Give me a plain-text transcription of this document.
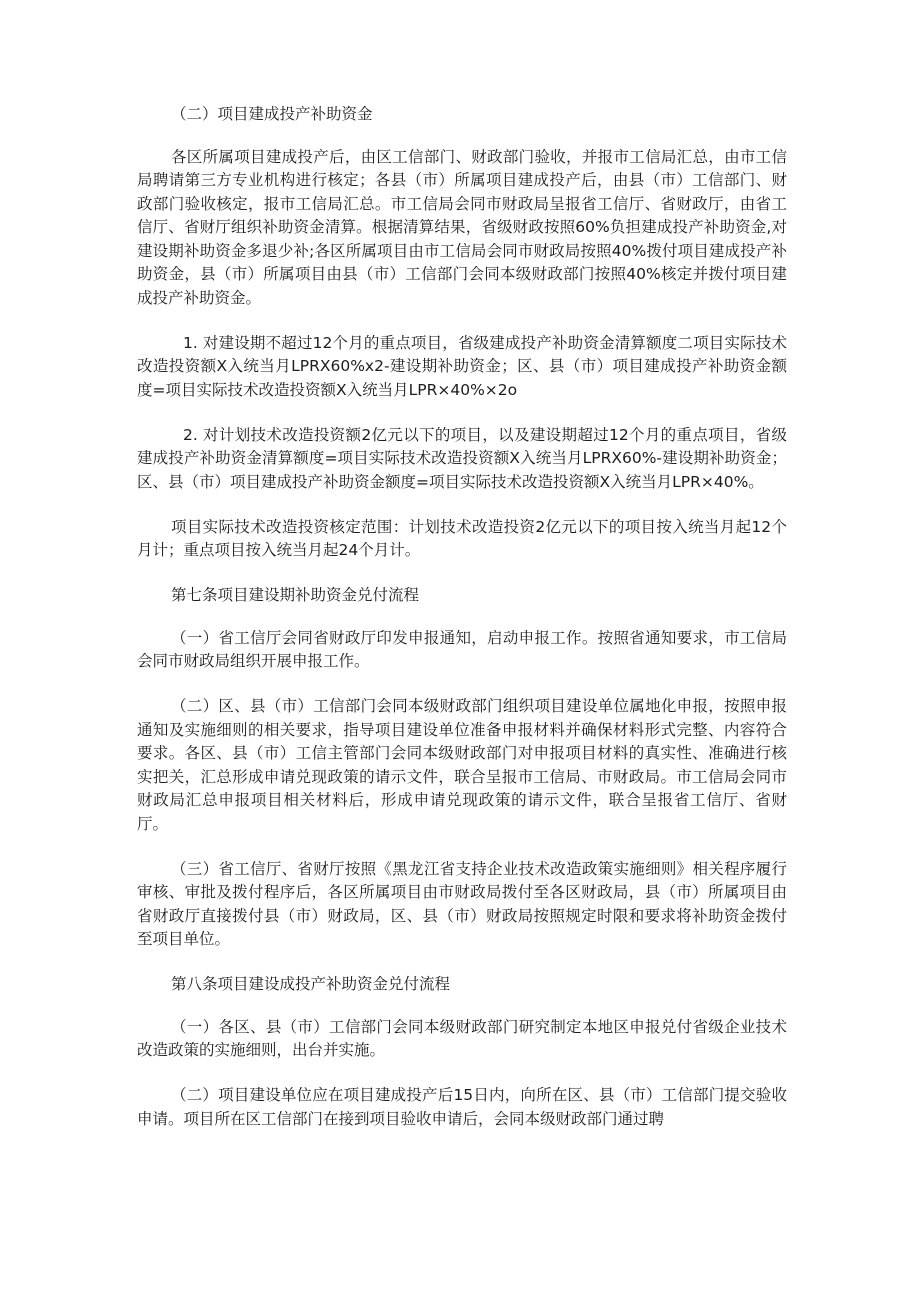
（二）项目建成投产补助资金

各区所属项目建成投产后，由区工信部门、财政部门验收，并报市工信局汇总，由市工信局聘请第三方专业机构进行核定；各县（市）所属项目建成投产后，由县（市）工信部门、财政部门验收核定，报市工信局汇总。市工信局会同市财政局呈报省工信厅、省财政厅，由省工信厅、省财厅组织补助资金清算。根据清算结果，省级财政按照60%负担建成投产补助资金,对建设期补助资金多退少补;各区所属项目由市工信局会同市财政局按照40%拨付项目建成投产补助资金，县（市）所属项目由县（市）工信部门会同本级财政部门按照40%核定并拨付项目建成投产补助资金。

1. 对建设期不超过12个月的重点项目，省级建成投产补助资金清算额度二项目实际技术改造投资额X入统当月LPRX60%x2-建设期补助资金；区、县（市）项目建成投产补助资金额度=项目实际技术改造投资额X入统当月LPR×40%×2o

2. 对计划技术改造投资额2亿元以下的项目，以及建设期超过12个月的重点项目，省级建成投产补助资金清算额度=项目实际技术改造投资额X入统当月LPRX60%-建设期补助资金；区、县（市）项目建成投产补助资金额度=项目实际技术改造投资额X入统当月LPR×40%。

项目实际技术改造投资核定范围：计划技术改造投资2亿元以下的项目按入统当月起12个月计；重点项目按入统当月起24个月计。

第七条项目建设期补助资金兑付流程

（一）省工信厅会同省财政厅印发申报通知，启动申报工作。按照省通知要求，市工信局会同市财政局组织开展申报工作。

（二）区、县（市）工信部门会同本级财政部门组织项目建设单位属地化申报，按照申报通知及实施细则的相关要求，指导项目建设单位准备申报材料并确保材料形式完整、内容符合要求。各区、县（市）工信主管部门会同本级财政部门对申报项目材料的真实性、准确进行核实把关，汇总形成申请兑现政策的请示文件，联合呈报市工信局、市财政局。市工信局会同市财政局汇总申报项目相关材料后，形成申请兑现政策的请示文件，联合呈报省工信厅、省财厅。

（三）省工信厅、省财厅按照《黑龙江省支持企业技术改造政策实施细则》相关程序履行审核、审批及拨付程序后，各区所属项目由市财政局拨付至各区财政局，县（市）所属项目由省财政厅直接拨付县（市）财政局，区、县（市）财政局按照规定时限和要求将补助资金拨付至项目单位。

第八条项目建设成投产补助资金兑付流程

（一）各区、县（市）工信部门会同本级财政部门研究制定本地区申报兑付省级企业技术改造政策的实施细则，出台并实施。

（二）项目建设单位应在项目建成投产后15日内，向所在区、县（市）工信部门提交验收申请。项目所在区工信部门在接到项目验收申请后，会同本级财政部门通过聘
